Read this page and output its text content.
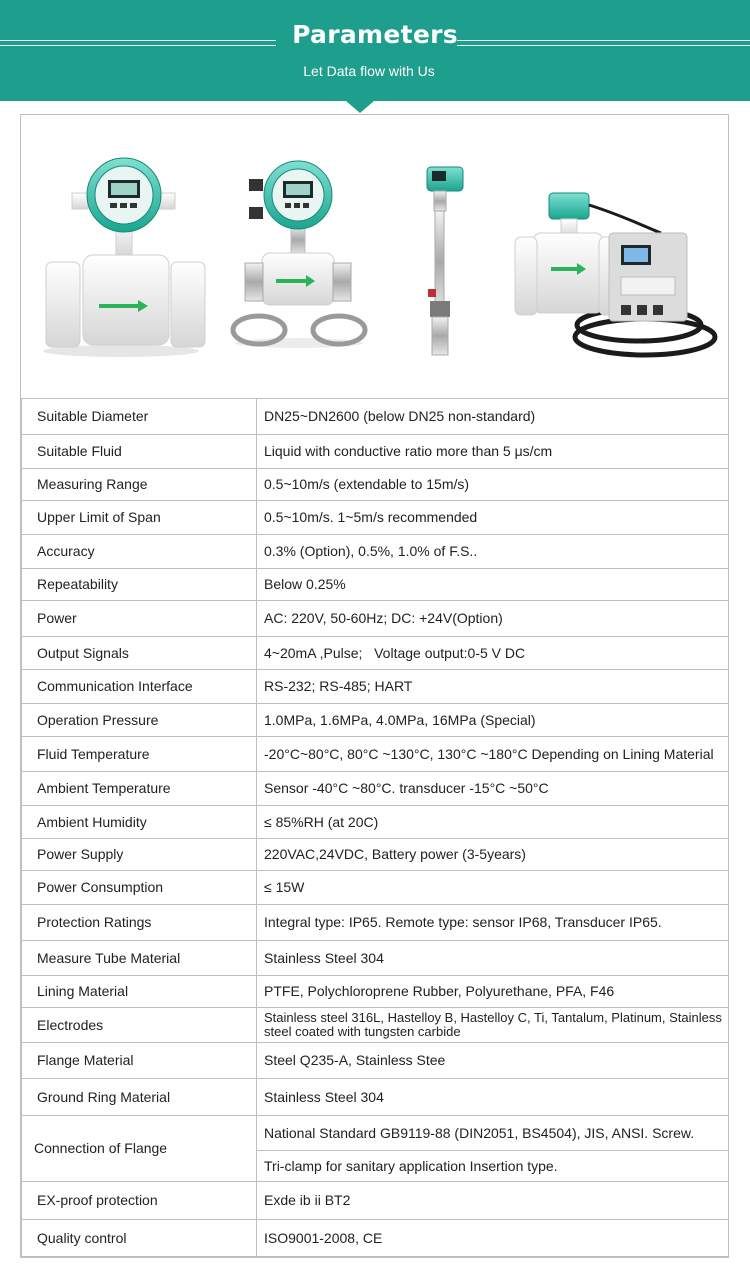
Parameters
Let Data flow with Us
Suitable Diameter	DN25~DN2600 (below DN25 non-standard)
Suitable Fluid	Liquid with conductive ratio more than 5 μs/cm
Measuring Range	0.5~10m/s (extendable to 15m/s)
Upper Limit of Span	0.5~10m/s. 1~5m/s recommended
Accuracy	0.3% (Option), 0.5%, 1.0% of F.S..
Repeatability	Below 0.25%
Power	AC: 220V, 50-60Hz; DC: +24V(Option)
Output Signals	4~20mA ,Pulse;   Voltage output:0-5 V DC
Communication Interface	RS-232; RS-485; HART
Operation Pressure	1.0MPa, 1.6MPa, 4.0MPa, 16MPa (Special)
Fluid Temperature	-20°C~80°C, 80°C ~130°C, 130°C ~180°C Depending on Lining Material
Ambient Temperature	Sensor -40°C ~80°C. transducer -15°C ~50°C
Ambient Humidity	≤ 85%RH (at 20C)
Power Supply	220VAC,24VDC, Battery power (3-5years)
Power Consumption	≤ 15W
Protection Ratings	Integral type: IP65. Remote type: sensor IP68, Transducer IP65.
Measure Tube Material	Stainless Steel 304
Lining Material	PTFE, Polychloroprene Rubber, Polyurethane, PFA, F46
Electrodes	Stainless steel 316L, Hastelloy B, Hastelloy C, Ti, Tantalum, Platinum, Stainless steel coated with tungsten carbide
Flange Material	Steel Q235-A, Stainless Stee
Ground Ring Material	Stainless Steel 304
Connection of Flange	National Standard GB9119-88 (DIN2051, BS4504), JIS, ANSI. Screw.
	Tri-clamp for sanitary application Insertion type.
EX-proof protection	Exde ib ii BT2
Quality control	ISO9001-2008, CE
